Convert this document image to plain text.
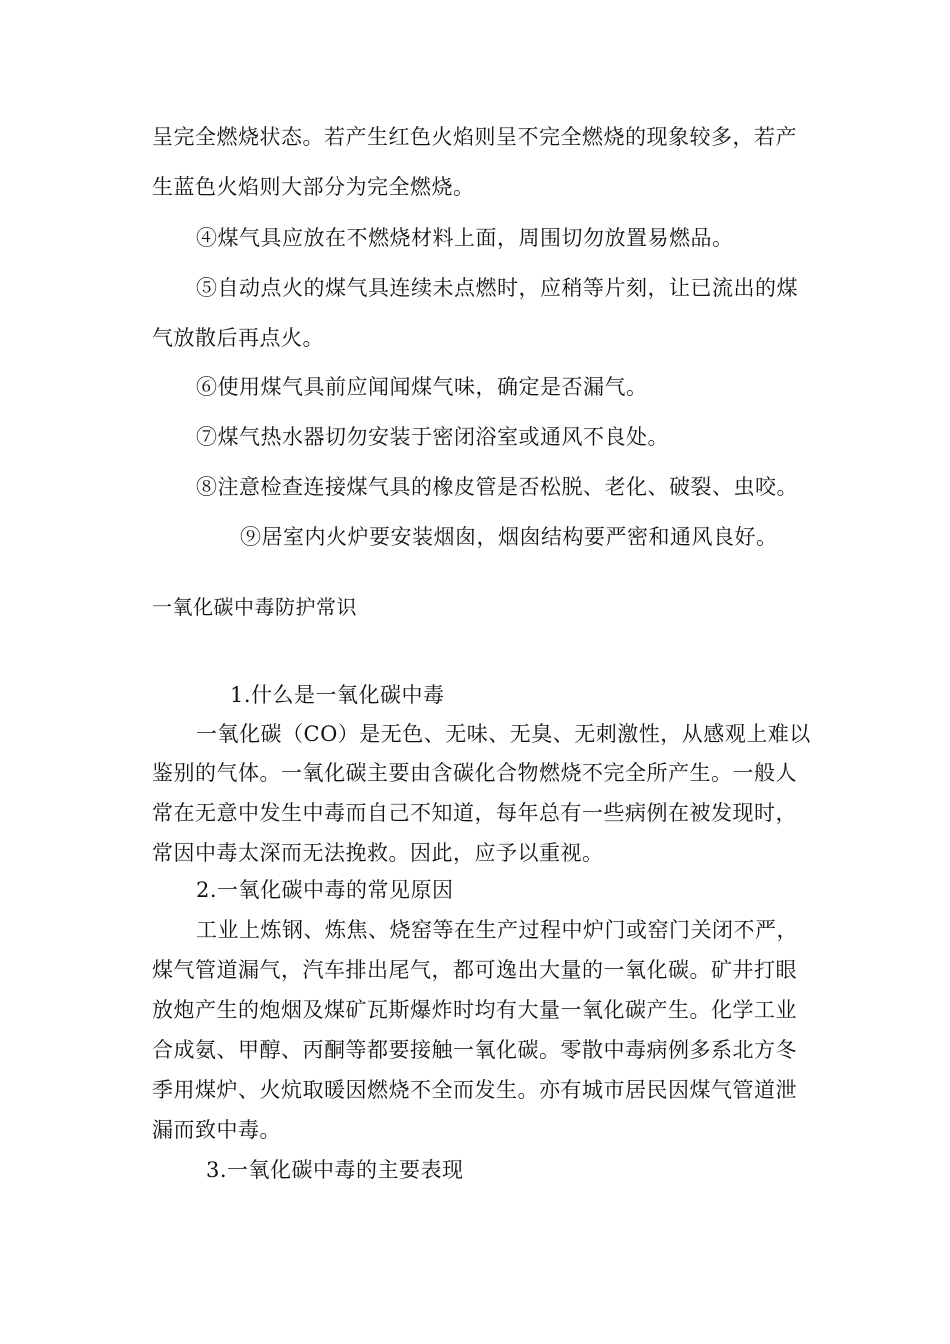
呈完全燃烧状态。若产生红色火焰则呈不完全燃烧的现象较多，若产
生蓝色火焰则大部分为完全燃烧。
④煤气具应放在不燃烧材料上面，周围切勿放置易燃品。
⑤自动点火的煤气具连续未点燃时，应稍等片刻，让已流出的煤
气放散后再点火。
⑥使用煤气具前应闻闻煤气味，确定是否漏气。
⑦煤气热水器切勿安装于密闭浴室或通风不良处。
⑧注意检查连接煤气具的橡皮管是否松脱、老化、破裂、虫咬。
⑨居室内火炉要安装烟囱，烟囱结构要严密和通风良好。
一氧化碳中毒防护常识
1.什么是一氧化碳中毒
一氧化碳（CO）是无色、无味、无臭、无刺激性，从感观上难以
鉴别的气体。一氧化碳主要由含碳化合物燃烧不完全所产生。一般人
常在无意中发生中毒而自己不知道，每年总有一些病例在被发现时，
常因中毒太深而无法挽救。因此，应予以重视。
2.一氧化碳中毒的常见原因
工业上炼钢、炼焦、烧窑等在生产过程中炉门或窑门关闭不严，
煤气管道漏气，汽车排出尾气，都可逸出大量的一氧化碳。矿井打眼
放炮产生的炮烟及煤矿瓦斯爆炸时均有大量一氧化碳产生。化学工业
合成氨、甲醇、丙酮等都要接触一氧化碳。零散中毒病例多系北方冬
季用煤炉、火炕取暖因燃烧不全而发生。亦有城市居民因煤气管道泄
漏而致中毒。
3.一氧化碳中毒的主要表现
